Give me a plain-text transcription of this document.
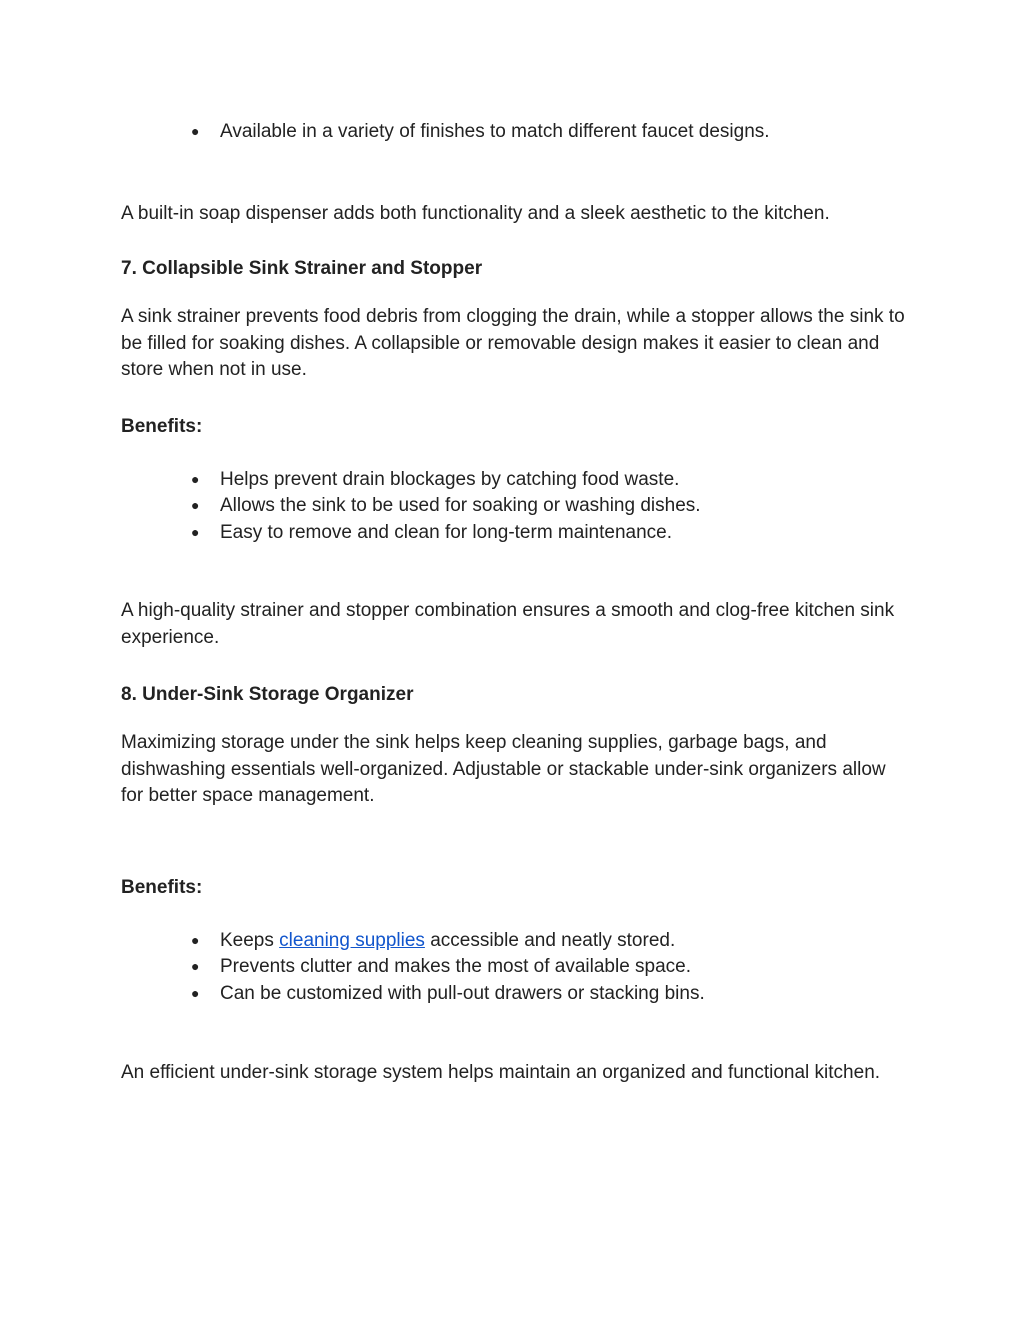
● Available in a variety of finishes to match different faucet designs.

A built-in soap dispenser adds both functionality and a sleek aesthetic to the kitchen.

7. Collapsible Sink Strainer and Stopper

A sink strainer prevents food debris from clogging the drain, while a stopper allows the sink to be filled for soaking dishes. A collapsible or removable design makes it easier to clean and store when not in use.

Benefits:

● Helps prevent drain blockages by catching food waste.

● Allows the sink to be used for soaking or washing dishes.

● Easy to remove and clean for long-term maintenance.

A high-quality strainer and stopper combination ensures a smooth and clog-free kitchen sink experience.

8. Under-Sink Storage Organizer

Maximizing storage under the sink helps keep cleaning supplies, garbage bags, and dishwashing essentials well-organized. Adjustable or stackable under-sink organizers allow for better space management.

Benefits:

● Keeps cleaning supplies accessible and neatly stored.

● Prevents clutter and makes the most of available space.

● Can be customized with pull-out drawers or stacking bins.

An efficient under-sink storage system helps maintain an organized and functional kitchen.
